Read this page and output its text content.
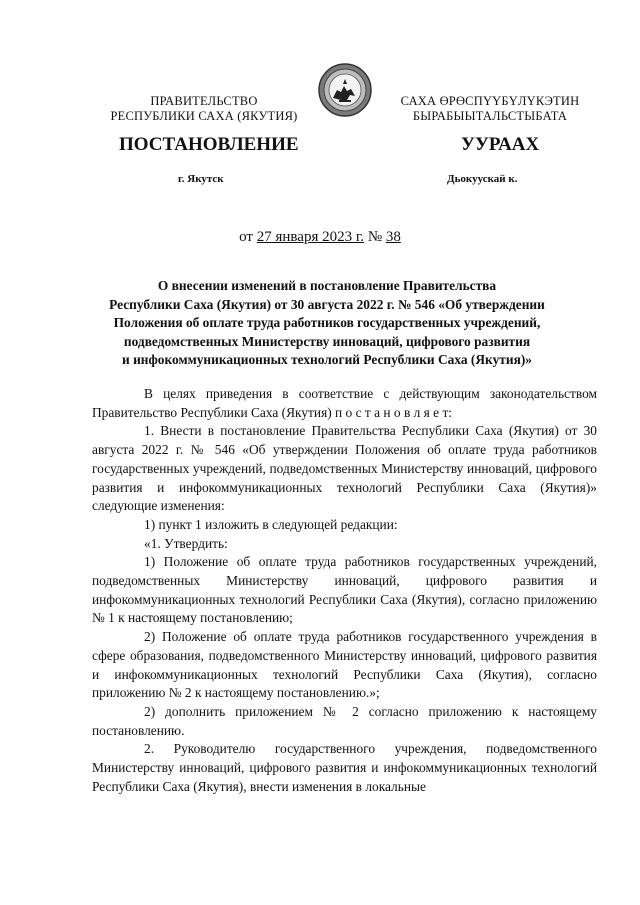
ПРАВИТЕЛЬСТВО
РЕСПУБЛИКИ САХА (ЯКУТИЯ)
САХА ӨРӨСПҮҮБҮЛҮКЭТИН
БЫРАБЫЫТАЛЬСТЫБАТА
ПОСТАНОВЛЕНИЕ	УУРААХ
г. Якутск	Дьокуускай к.
от 27 января 2023 г. № 38
О внесении изменений в постановление Правительства
Республики Саха (Якутия) от 30 августа 2022 г. № 546 «Об утверждении
Положения об оплате труда работников государственных учреждений,
подведомственных Министерству инноваций, цифрового развития
и инфокоммуникационных технологий Республики Саха (Якутия)»

В целях приведения в соответствие с действующим законодательством Правительство Республики Саха (Якутия) п о с т а н о в л я е т:

1. Внести в постановление Правительства Республики Саха (Якутия) от 30 августа 2022 г. № 546 «Об утверждении Положения об оплате труда работников государственных учреждений, подведомственных Министерству инноваций, цифрового развития и инфокоммуникационных технологий Республики Саха (Якутия)» следующие изменения:

1) пункт 1 изложить в следующей редакции:

«1. Утвердить:

1) Положение об оплате труда работников государственных учреждений, подведомственных Министерству инноваций, цифрового развития и инфокоммуникационных технологий Республики Саха (Якутия), согласно приложению № 1 к настоящему постановлению;

2) Положение об оплате труда работников государственного учреждения в сфере образования, подведомственного Министерству инноваций, цифрового развития и инфокоммуникационных технологий Республики Саха (Якутия), согласно приложению № 2 к настоящему постановлению.»;

2) дополнить приложением № 2 согласно приложению к настоящему постановлению.

2. Руководителю государственного учреждения, подведомственного Министерству инноваций, цифрового развития и инфокоммуникационных технологий Республики Саха (Якутия), внести изменения в локальные
